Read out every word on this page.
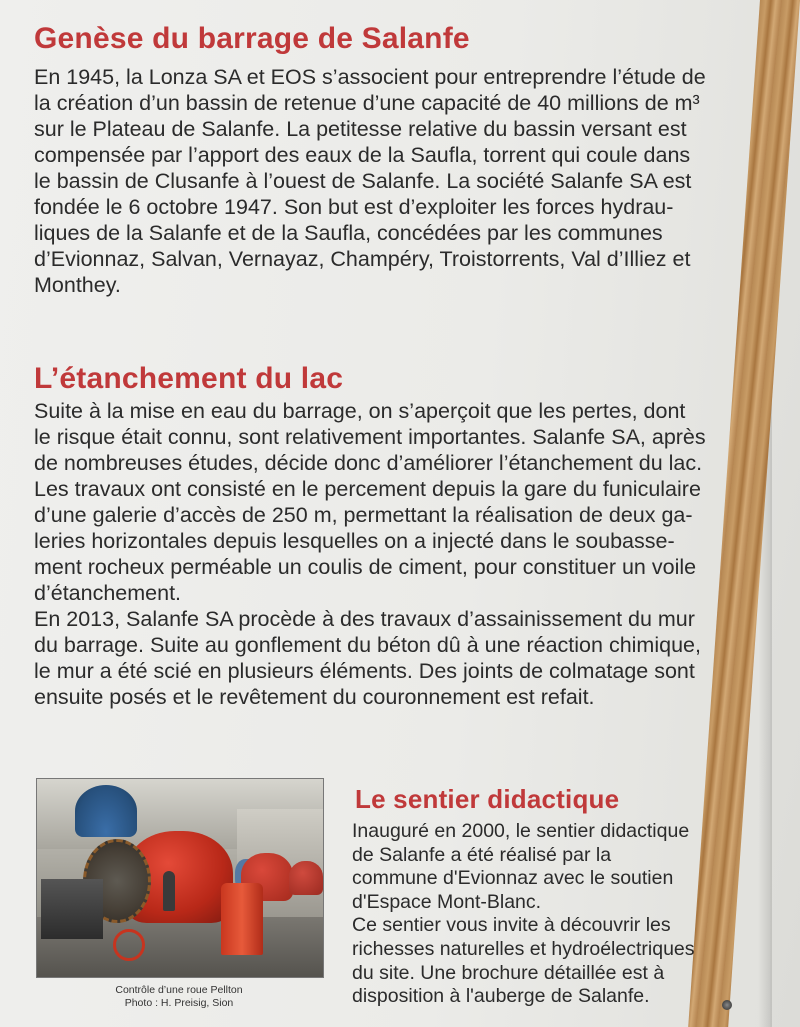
Genèse du barrage de Salanfe
En 1945, la Lonza SA et EOS s’associent pour entreprendre l’étude de
la création d’un bassin de retenue d’une capacité de 40 millions de m³
sur le Plateau de Salanfe. La petitesse relative du bassin versant est
compensée par l’apport des eaux de la Saufla, torrent qui coule dans
le bassin de Clusanfe à l’ouest de Salanfe. La société Salanfe SA est
fondée le 6 octobre 1947. Son but est d’exploiter les forces hydrau-
liques de la Salanfe et de la Saufla, concédées par les communes
d’Evionnaz, Salvan, Vernayaz, Champéry, Troistorrents, Val d’Illiez et
Monthey.
L’étanchement du lac
Suite à la mise en eau du barrage, on s’aperçoit que les pertes, dont
le risque était connu, sont relativement importantes. Salanfe SA, après
de nombreuses études, décide donc d’améliorer l’étanchement du lac.
Les travaux ont consisté en le percement depuis la gare du funiculaire
d’une galerie d’accès de 250 m, permettant la réalisation de deux ga-
leries horizontales depuis lesquelles on a injecté dans le soubasse-
ment rocheux perméable un coulis de ciment, pour constituer un voile
d’étanchement.
En 2013, Salanfe SA procède à des travaux d’assainissement du mur
du barrage. Suite au gonflement du béton dû à une réaction chimique,
le mur a été scié en plusieurs éléments. Des joints de colmatage sont
ensuite posés et le revêtement du couronnement est refait.
Contrôle d’une roue Pellton
Photo : H. Preisig, Sion
Le sentier didactique
Inauguré en 2000, le sentier didactique
de Salanfe a été réalisé par la
commune d'Evionnaz avec le soutien
d'Espace Mont-Blanc.
Ce sentier vous invite à découvrir les
richesses naturelles et hydroélectriques
du site. Une brochure détaillée est à
disposition à l'auberge de Salanfe.
